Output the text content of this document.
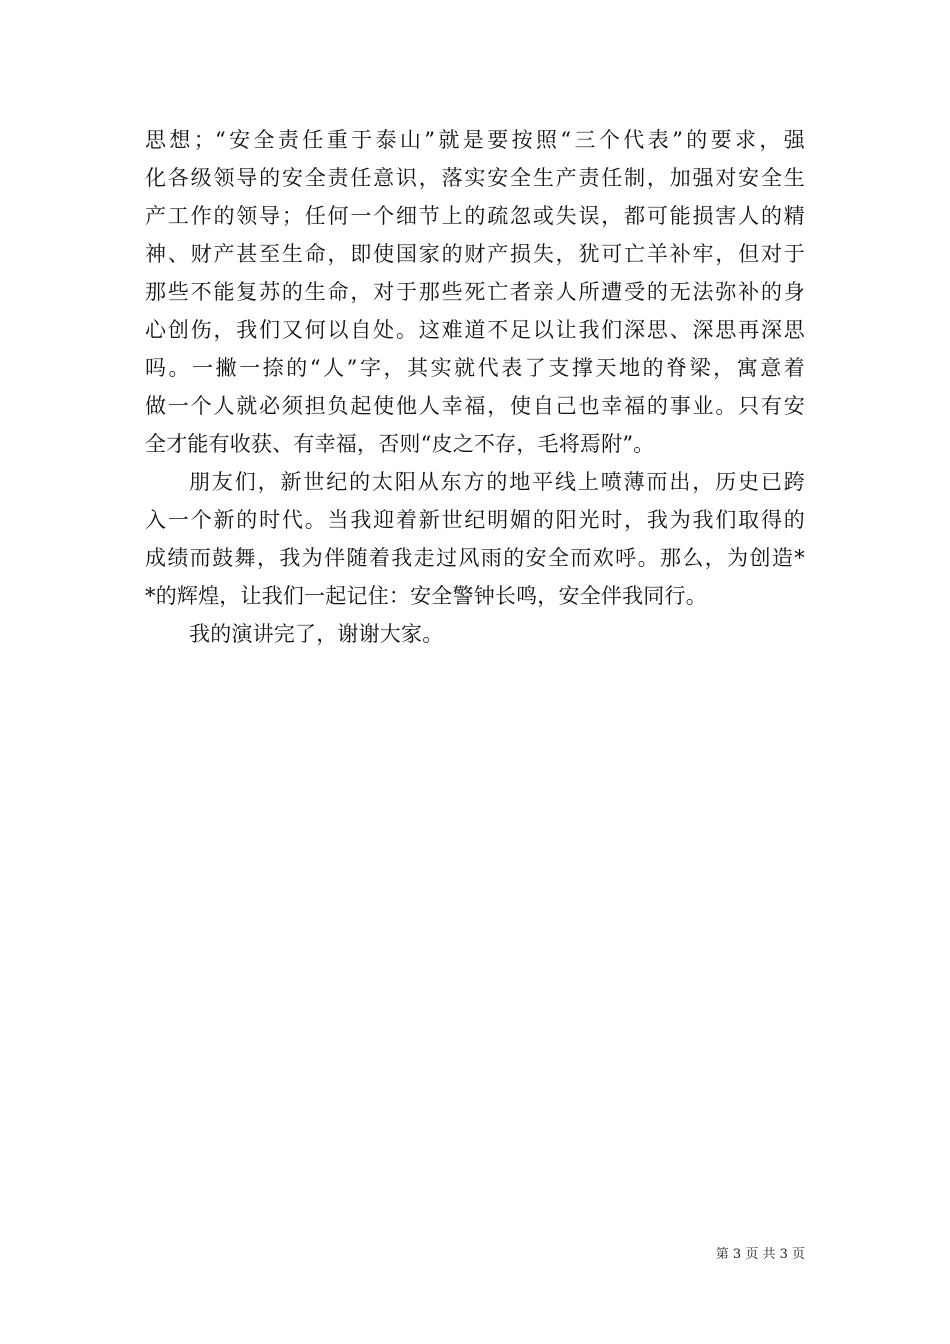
思想；“安全责任重于泰山”就是要按照“三个代表”的要求，强
化各级领导的安全责任意识，落实安全生产责任制，加强对安全生
产工作的领导；任何一个细节上的疏忽或失误，都可能损害人的精
神、财产甚至生命，即使国家的财产损失，犹可亡羊补牢，但对于
那些不能复苏的生命，对于那些死亡者亲人所遭受的无法弥补的身
心创伤，我们又何以自处。这难道不足以让我们深思、深思再深思
吗。一撇一捺的“人”字，其实就代表了支撑天地的脊梁，寓意着
做一个人就必须担负起使他人幸福，使自己也幸福的事业。只有安
全才能有收获、有幸福，否则“皮之不存，毛将焉附”。
朋友们，新世纪的太阳从东方的地平线上喷薄而出，历史已跨
入一个新的时代。当我迎着新世纪明媚的阳光时，我为我们取得的
成绩而鼓舞，我为伴随着我走过风雨的安全而欢呼。那么，为创造*
*的辉煌，让我们一起记住：安全警钟长鸣，安全伴我同行。
我的演讲完了，谢谢大家。
第 3 页 共 3 页
